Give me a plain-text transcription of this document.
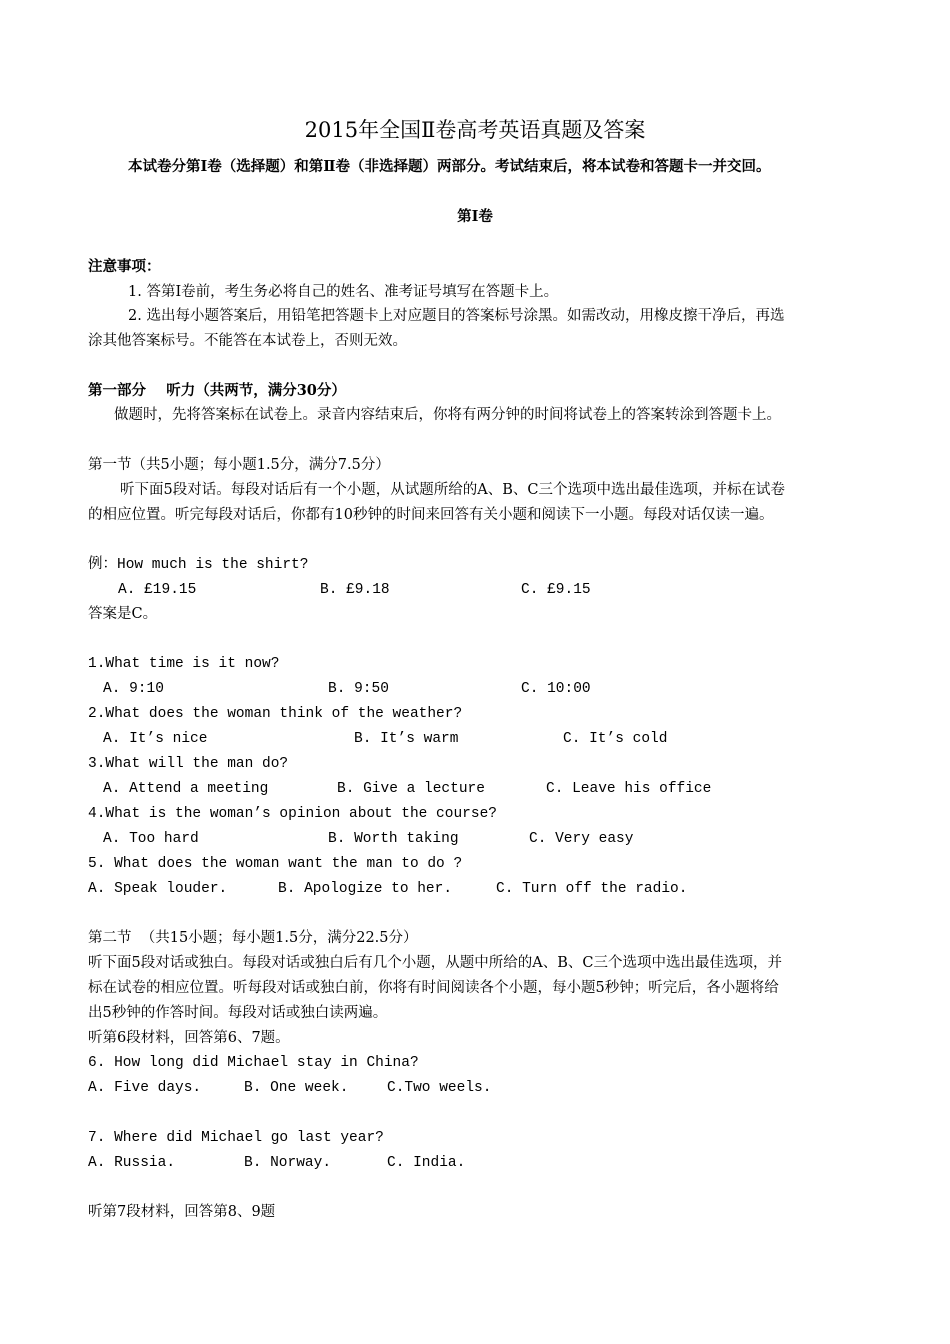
2015年全国Ⅱ卷高考英语真题及答案
本试卷分第Ⅰ卷（选择题）和第Ⅱ卷（非选择题）两部分。考试结束后，将本试卷和答题卡一并交回。
第Ⅰ卷
注意事项：
1. 答第Ⅰ卷前，考生务必将自己的姓名、准考证号填写在答题卡上。
2. 选出每小题答案后，用铅笔把答题卡上对应题目的答案标号涂黑。如需改动，用橡皮擦干净后，再选
涂其他答案标号。不能答在本试卷上，否则无效。
第一部分    听力（共两节，满分30分）
做题时，先将答案标在试卷上。录音内容结束后，你将有两分钟的时间将试卷上的答案转涂到答题卡上。
第一节（共5小题；每小题1.5分，满分7.5分）
听下面5段对话。每段对话后有一个小题，从试题所给的A、B、C三个选项中选出最佳选项，并标在试卷
的相应位置。听完每段对话后，你都有10秒钟的时间来回答有关小题和阅读下一小题。每段对话仅读一遍。
例：How much is the shirt?
A. £19.15	B. £9.18	C. £9.15
答案是C。
1.What time is it now?
A. 9:10	B. 9:50	C. 10:00
2.What does the woman think of the weather?
A. It’s nice	B. It’s warm	C. It’s cold
3.What will the man do?
A. Attend a meeting	B. Give a lecture	C. Leave his office
4.What is the woman’s opinion about the course?
A. Too hard	B. Worth taking	C. Very easy
5. What does the woman want the man to do ?
A. Speak louder.	B. Apologize to her.	C. Turn off the radio.
第二节  （共15小题；每小题1.5分，满分22.5分）
听下面5段对话或独白。每段对话或独白后有几个小题，从题中所给的A、B、C三个选项中选出最佳选项，并
标在试卷的相应位置。听每段对话或独白前，你将有时间阅读各个小题，每小题5秒钟；听完后，各小题将给
出5秒钟的作答时间。每段对话或独白读两遍。
听第6段材料，回答第6、7题。
6. How long did Michael stay in China?
A. Five days.	B. One week.	C.Two weels.
7. Where did Michael go last year?
A. Russia.	B. Norway.	C. India.
听第7段材料，回答第8、9题
